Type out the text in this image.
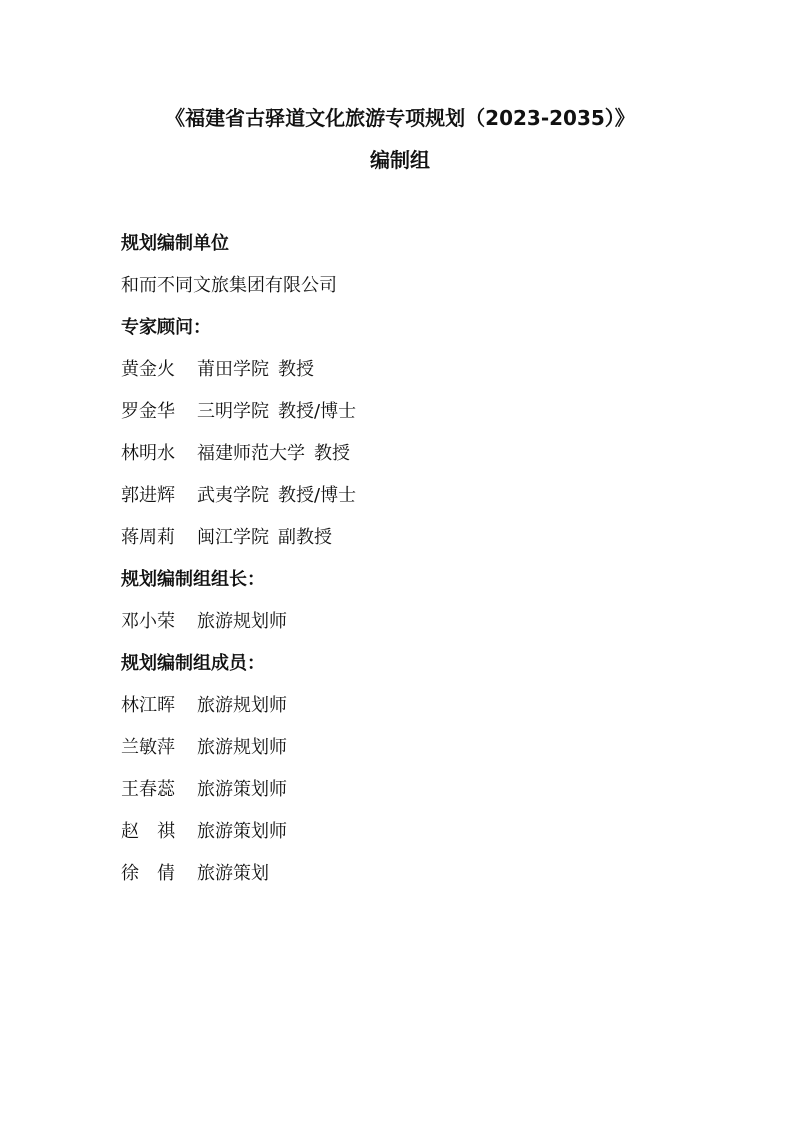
《福建省古驿道文化旅游专项规划（2023-2035）》
编制组
规划编制单位
和而不同文旅集团有限公司
专家顾问：
黄金火	莆田学院 教授
罗金华	三明学院 教授/博士
林明水	福建师范大学 教授
郭进辉	武夷学院 教授/博士
蒋周莉	闽江学院 副教授
规划编制组组长：
邓小荣	旅游规划师
规划编制组成员：
林江晖	旅游规划师
兰敏萍	旅游规划师
王春蕊	旅游策划师
赵　祺	旅游策划师
徐　倩	旅游策划
